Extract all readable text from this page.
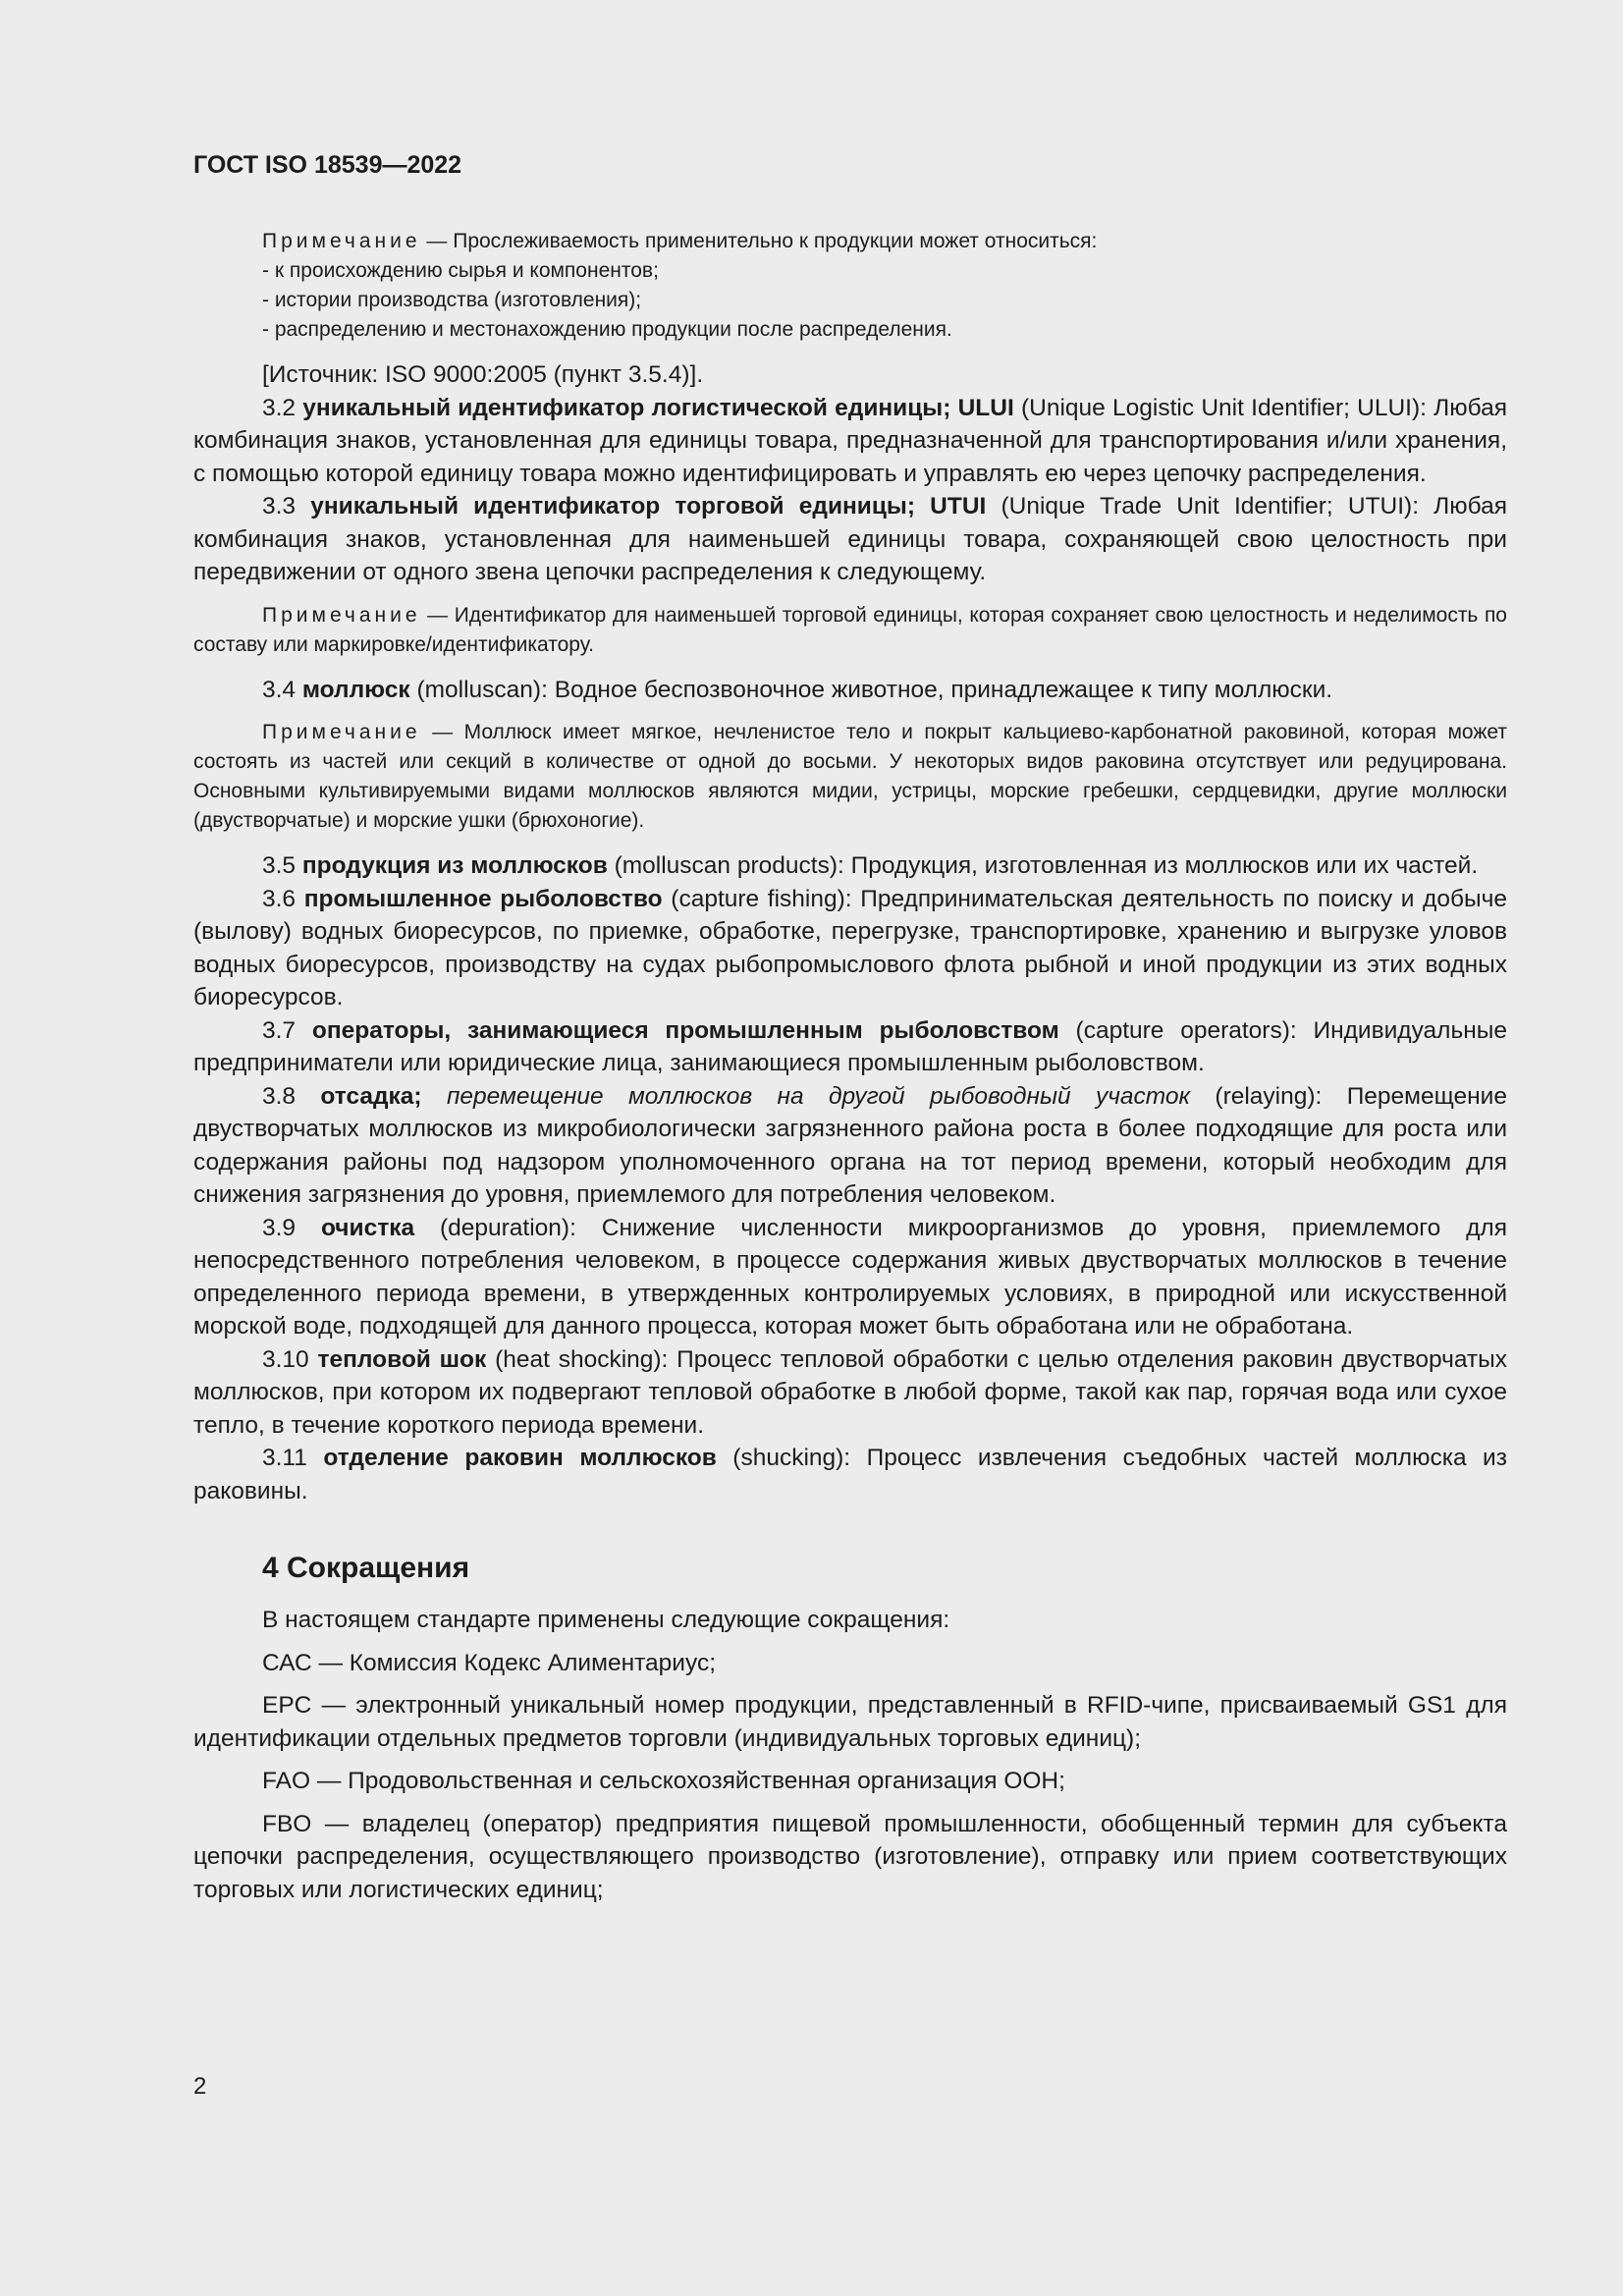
ГОСТ ISO 18539—2022

Примечание — Прослеживаемость применительно к продукции может относиться:

- к происхождению сырья и компонентов;

- истории производства (изготовления);

- распределению и местонахождению продукции после распределения.

[Источник: ISO 9000:2005 (пункт 3.5.4)].

3.2 уникальный идентификатор логистической единицы; ULUI (Unique Logistic Unit Identifier; ULUI): Любая комбинация знаков, установленная для единицы товара, предназначенной для транспортирования и/или хранения, с помощью которой единицу товара можно идентифицировать и управлять ею через цепочку распределения.

3.3 уникальный идентификатор торговой единицы; UTUI (Unique Trade Unit Identifier; UTUI): Любая комбинация знаков, установленная для наименьшей единицы товара, сохраняющей свою целостность при передвижении от одного звена цепочки распределения к следующему.

Примечание — Идентификатор для наименьшей торговой единицы, которая сохраняет свою целостность и неделимость по составу или маркировке/идентификатору.

3.4 моллюск (molluscan): Водное беспозвоночное животное, принадлежащее к типу моллюски.

Примечание — Моллюск имеет мягкое, нечленистое тело и покрыт кальциево-карбонатной раковиной, которая может состоять из частей или секций в количестве от одной до восьми. У некоторых видов раковина отсутствует или редуцирована. Основными культивируемыми видами моллюсков являются мидии, устрицы, морские гребешки, сердцевидки, другие моллюски (двустворчатые) и морские ушки (брюхоногие).

3.5 продукция из моллюсков (molluscan products): Продукция, изготовленная из моллюсков или их частей.

3.6 промышленное рыболовство (capture fishing): Предпринимательская деятельность по поиску и добыче (вылову) водных биоресурсов, по приемке, обработке, перегрузке, транспортировке, хранению и выгрузке уловов водных биоресурсов, производству на судах рыбопромыслового флота рыбной и иной продукции из этих водных биоресурсов.

3.7 операторы, занимающиеся промышленным рыболовством (capture operators): Индивидуальные предприниматели или юридические лица, занимающиеся промышленным рыболовством.

3.8 отсадка; перемещение моллюсков на другой рыбоводный участок (relaying): Перемещение двустворчатых моллюсков из микробиологически загрязненного района роста в более подходящие для роста или содержания районы под надзором уполномоченного органа на тот период времени, который необходим для снижения загрязнения до уровня, приемлемого для потребления человеком.

3.9 очистка (depuration): Снижение численности микроорганизмов до уровня, приемлемого для непосредственного потребления человеком, в процессе содержания живых двустворчатых моллюсков в течение определенного периода времени, в утвержденных контролируемых условиях, в природной или искусственной морской воде, подходящей для данного процесса, которая может быть обработана или не обработана.

3.10 тепловой шок (heat shocking): Процесс тепловой обработки с целью отделения раковин двустворчатых моллюсков, при котором их подвергают тепловой обработке в любой форме, такой как пар, горячая вода или сухое тепло, в течение короткого периода времени.

3.11 отделение раковин моллюсков (shucking): Процесс извлечения съедобных частей моллюска из раковины.

4 Сокращения

В настоящем стандарте применены следующие сокращения:

САС — Комиссия Кодекс Алиментариус;

EPC — электронный уникальный номер продукции, представленный в RFID-чипе, присваиваемый GS1 для идентификации отдельных предметов торговли (индивидуальных торговых единиц);

FAO — Продовольственная и сельскохозяйственная организация ООН;

FBO — владелец (оператор) предприятия пищевой промышленности, обобщенный термин для субъекта цепочки распределения, осуществляющего производство (изготовление), отправку или прием соответствующих торговых или логистических единиц;

2
